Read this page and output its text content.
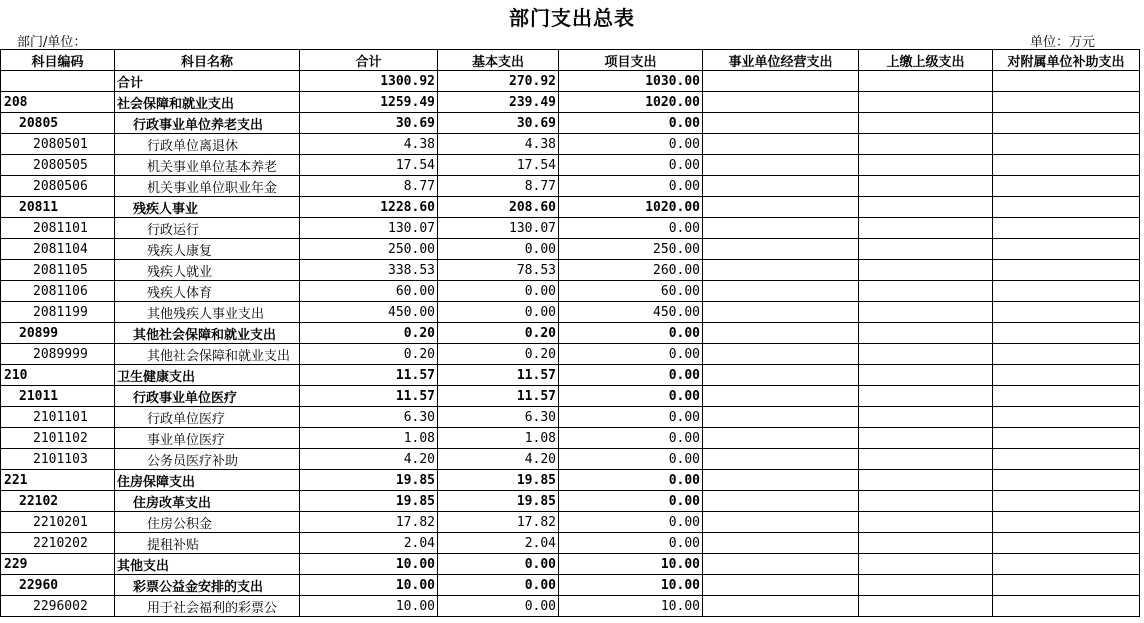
部门支出总表
部门/单位：	单位：万元
科目编码	科目名称	合计	基本支出	项目支出	事业单位经营支出	上缴上级支出	对附属单位补助支出
	合计	1300.92	270.92	1030.00			
208	社会保障和就业支出	1259.49	239.49	1020.00			
20805	行政事业单位养老支出	30.69	30.69	0.00			
2080501	行政单位离退休	4.38	4.38	0.00			
2080505	机关事业单位基本养老	17.54	17.54	0.00			
2080506	机关事业单位职业年金	8.77	8.77	0.00			
20811	残疾人事业	1228.60	208.60	1020.00			
2081101	行政运行	130.07	130.07	0.00			
2081104	残疾人康复	250.00	0.00	250.00			
2081105	残疾人就业	338.53	78.53	260.00			
2081106	残疾人体育	60.00	0.00	60.00			
2081199	其他残疾人事业支出	450.00	0.00	450.00			
20899	其他社会保障和就业支出	0.20	0.20	0.00			
2089999	其他社会保障和就业支出	0.20	0.20	0.00			
210	卫生健康支出	11.57	11.57	0.00			
21011	行政事业单位医疗	11.57	11.57	0.00			
2101101	行政单位医疗	6.30	6.30	0.00			
2101102	事业单位医疗	1.08	1.08	0.00			
2101103	公务员医疗补助	4.20	4.20	0.00			
221	住房保障支出	19.85	19.85	0.00			
22102	住房改革支出	19.85	19.85	0.00			
2210201	住房公积金	17.82	17.82	0.00			
2210202	提租补贴	2.04	2.04	0.00			
229	其他支出	10.00	0.00	10.00			
22960	彩票公益金安排的支出	10.00	0.00	10.00			
2296002	用于社会福利的彩票公	10.00	0.00	10.00			
